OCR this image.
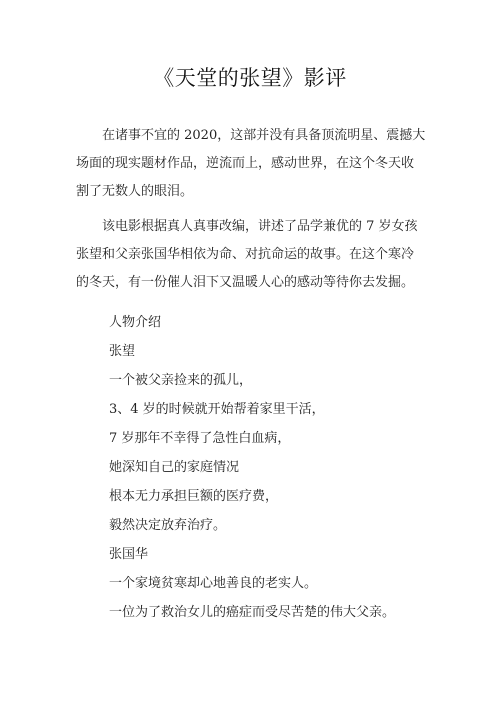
《天堂的张望》影评

在诸事不宜的 2020，这部并没有具备顶流明星、震撼大场面的现实题材作品，逆流而上，感动世界，在这个冬天收割了无数人的眼泪。

该电影根据真人真事改编，讲述了品学兼优的 7 岁女孩张望和父亲张国华相依为命、对抗命运的故事。在这个寒冷的冬天，有一份催人泪下又温暖人心的感动等待你去发掘。

人物介绍
张望
一个被父亲捡来的孤儿，
3、4 岁的时候就开始帮着家里干活，
7 岁那年不幸得了急性白血病，
她深知自己的家庭情况
根本无力承担巨额的医疗费，
毅然决定放弃治疗。
张国华
一个家境贫寒却心地善良的老实人。
一位为了救治女儿的癌症而受尽苦楚的伟大父亲。
